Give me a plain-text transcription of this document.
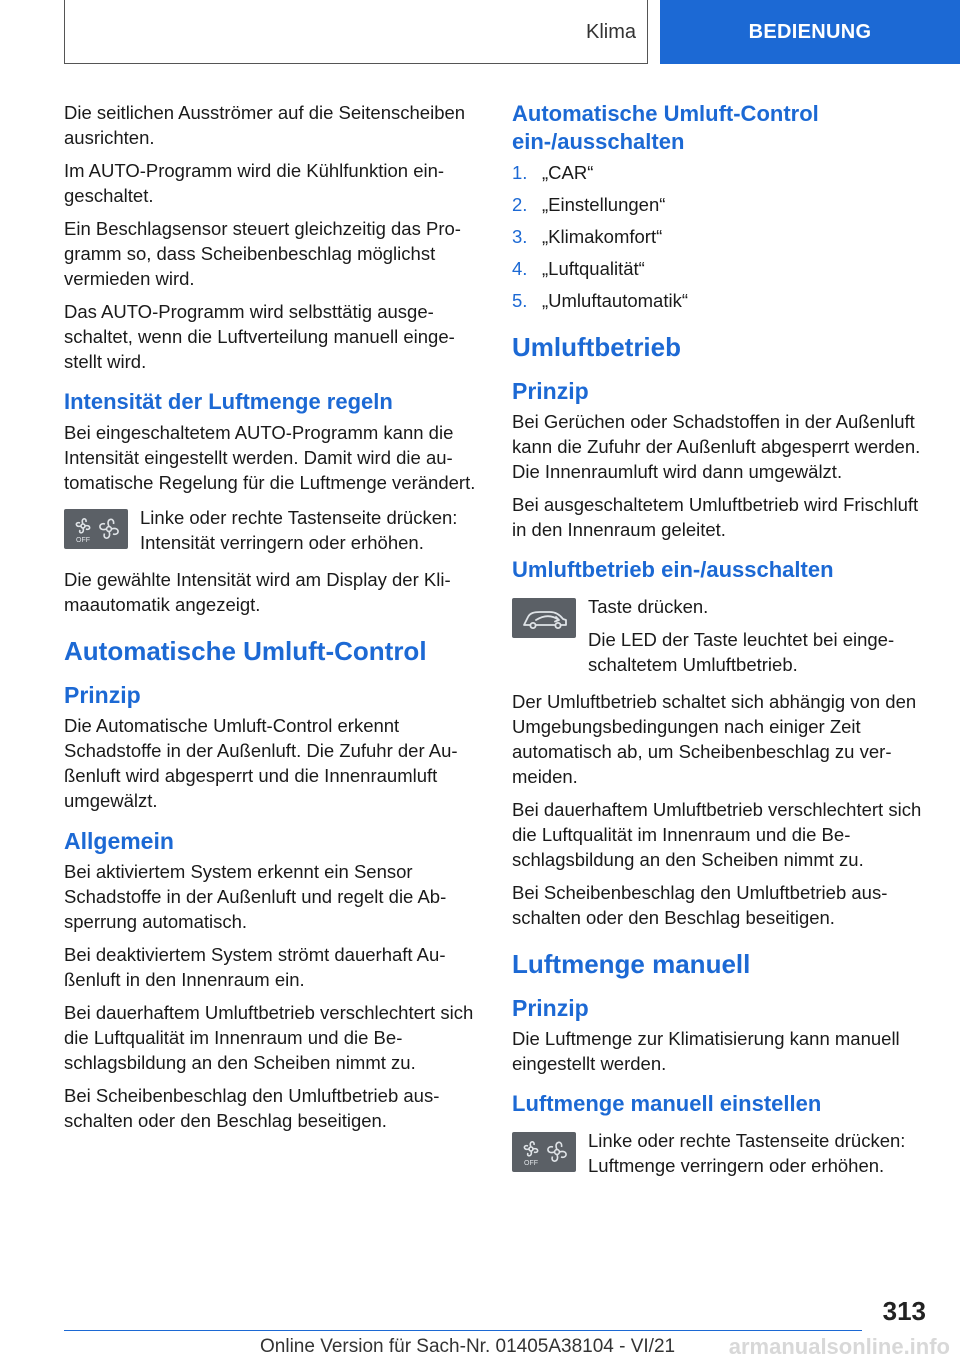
Klima	BEDIENUNG

Die seitlichen Ausströmer auf die Seitenscheiben ausrichten.

Im AUTO-Programm wird die Kühlfunktion eingeschaltet.

Ein Beschlagsensor steuert gleichzeitig das Programm so, dass Scheibenbeschlag möglichst vermieden wird.

Das AUTO-Programm wird selbsttätig ausgeschaltet, wenn die Luftverteilung manuell eingestellt wird.

Intensität der Luftmenge regeln

Bei eingeschaltetem AUTO-Programm kann die Intensität eingestellt werden. Damit wird die automatische Regelung für die Luftmenge verändert.

OFF

Linke oder rechte Tastenseite drücken: Intensität verringern oder erhöhen.

Die gewählte Intensität wird am Display der Klimaautomatik angezeigt.

Automatische Umluft-Control
Prinzip

Die Automatische Umluft-Control erkennt Schadstoffe in der Außenluft. Die Zufuhr der Außenluft wird abgesperrt und die Innenraumluft umgewälzt.

Allgemein

Bei aktiviertem System erkennt ein Sensor Schadstoffe in der Außenluft und regelt die Absperrung automatisch.

Bei deaktiviertem System strömt dauerhaft Außenluft in den Innenraum ein.

Bei dauerhaftem Umluftbetrieb verschlechtert sich die Luftqualität im Innenraum und die Beschlagsbildung an den Scheiben nimmt zu.

Bei Scheibenbeschlag den Umluftbetrieb ausschalten oder den Beschlag beseitigen.

Automatische Umluft-Control ein-/ausschalten
1. „CAR“
2. „Einstellungen“
3. „Klimakomfort“
4. „Luftqualität“
5. „Umluftautomatik“
Umluftbetrieb
Prinzip

Bei Gerüchen oder Schadstoffen in der Außenluft kann die Zufuhr der Außenluft abgesperrt werden. Die Innenraumluft wird dann umgewälzt.

Bei ausgeschaltetem Umluftbetrieb wird Frischluft in den Innenraum geleitet.

Umluftbetrieb ein-/ausschalten

Taste drücken.

Die LED der Taste leuchtet bei eingeschaltetem Umluftbetrieb.

Der Umluftbetrieb schaltet sich abhängig von den Umgebungsbedingungen nach einiger Zeit automatisch ab, um Scheibenbeschlag zu vermeiden.

Bei dauerhaftem Umluftbetrieb verschlechtert sich die Luftqualität im Innenraum und die Beschlagsbildung an den Scheiben nimmt zu.

Bei Scheibenbeschlag den Umluftbetrieb ausschalten oder den Beschlag beseitigen.

Luftmenge manuell
Prinzip

Die Luftmenge zur Klimatisierung kann manuell eingestellt werden.

Luftmenge manuell einstellen
OFF

Linke oder rechte Tastenseite drücken: Luftmenge verringern oder erhöhen.

313
Online Version für Sach-Nr. 01405A38104 - VI/21 armanualsonline.info
